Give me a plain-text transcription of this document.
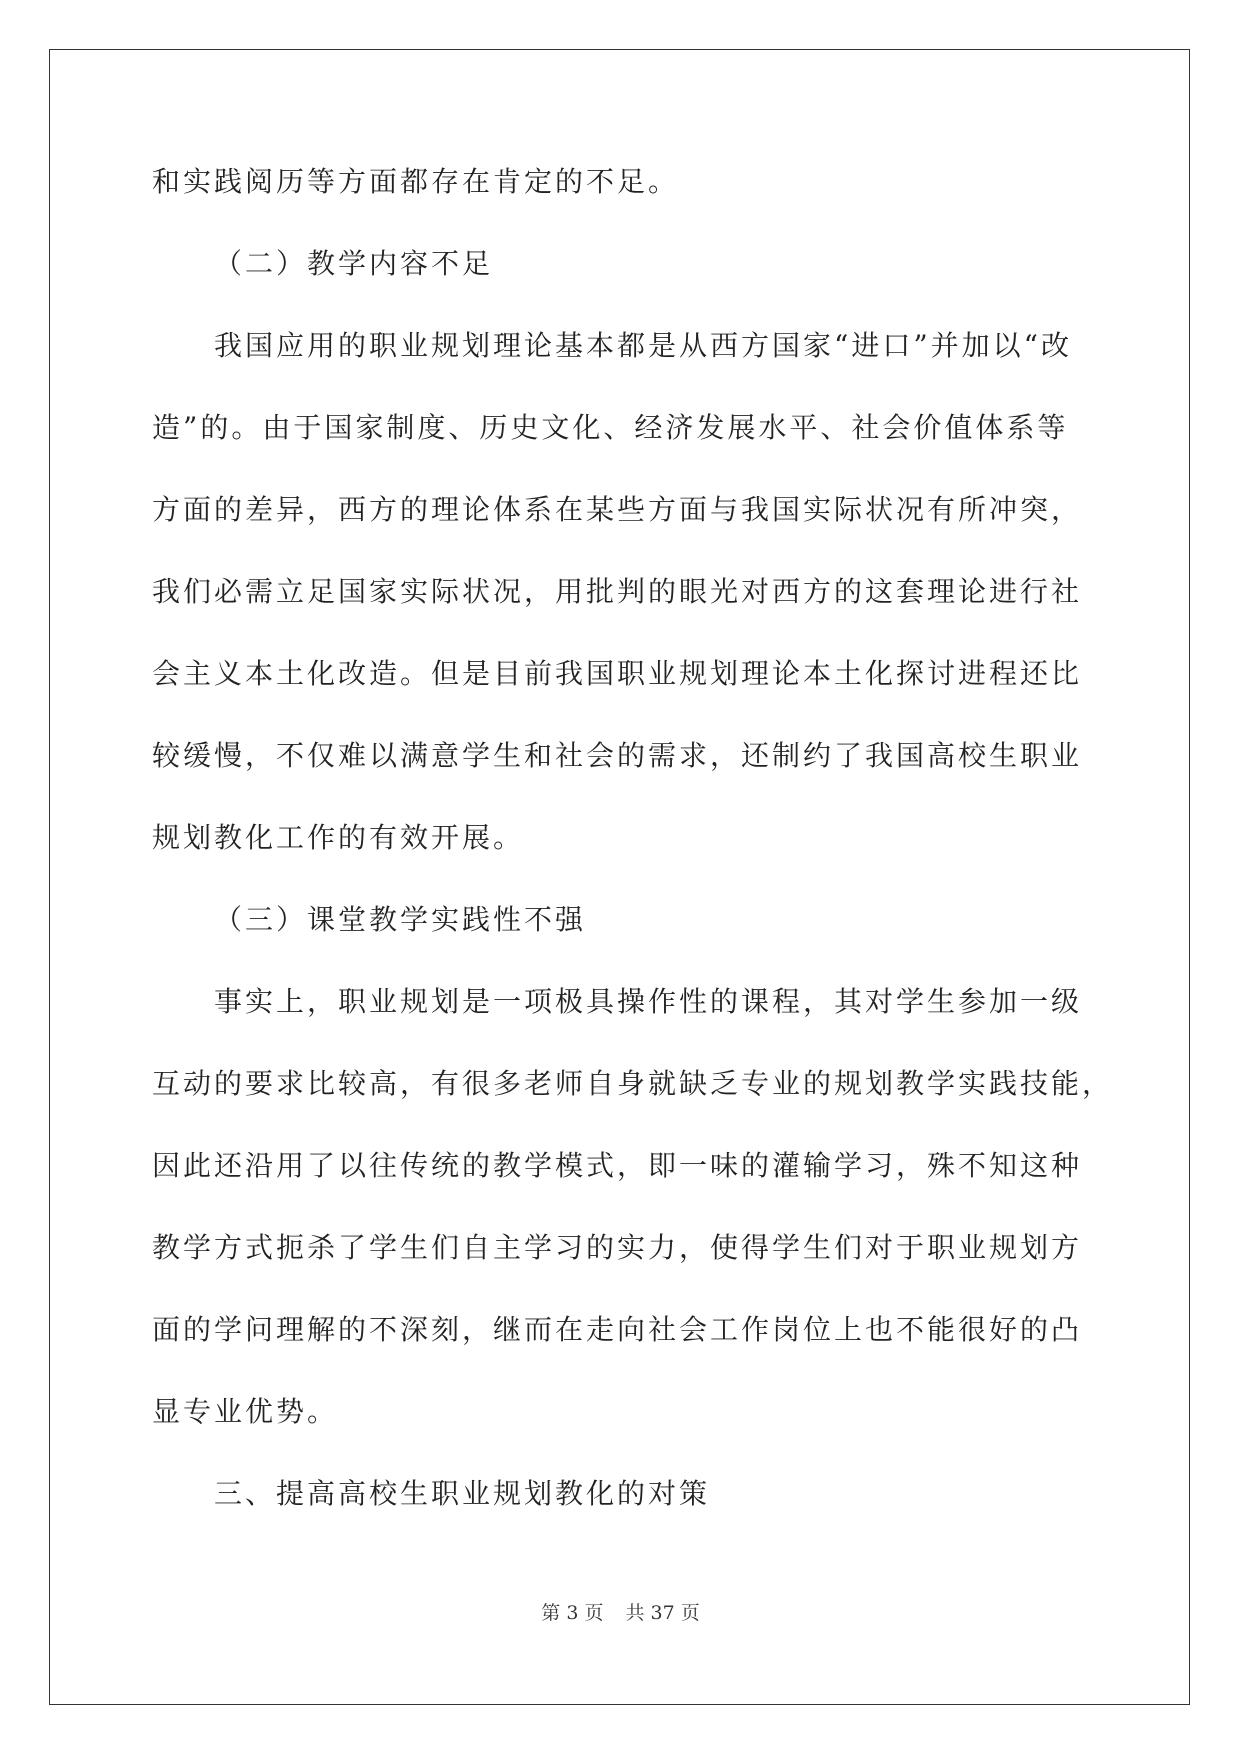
和实践阅历等方面都存在肯定的不足。
（二）教学内容不足
我国应用的职业规划理论基本都是从西方国家“进口”并加以“改
造”的。由于国家制度、历史文化、经济发展水平、社会价值体系等
方面的差异，西方的理论体系在某些方面与我国实际状况有所冲突，
我们必需立足国家实际状况，用批判的眼光对西方的这套理论进行社
会主义本土化改造。但是目前我国职业规划理论本土化探讨进程还比
较缓慢，不仅难以满意学生和社会的需求，还制约了我国高校生职业
规划教化工作的有效开展。
（三）课堂教学实践性不强
事实上，职业规划是一项极具操作性的课程，其对学生参加一级
互动的要求比较高，有很多老师自身就缺乏专业的规划教学实践技能，
因此还沿用了以往传统的教学模式，即一味的灌输学习，殊不知这种
教学方式扼杀了学生们自主学习的实力，使得学生们对于职业规划方
面的学问理解的不深刻，继而在走向社会工作岗位上也不能很好的凸
显专业优势。
三、提高高校生职业规划教化的对策
第 3 页 共 37 页
